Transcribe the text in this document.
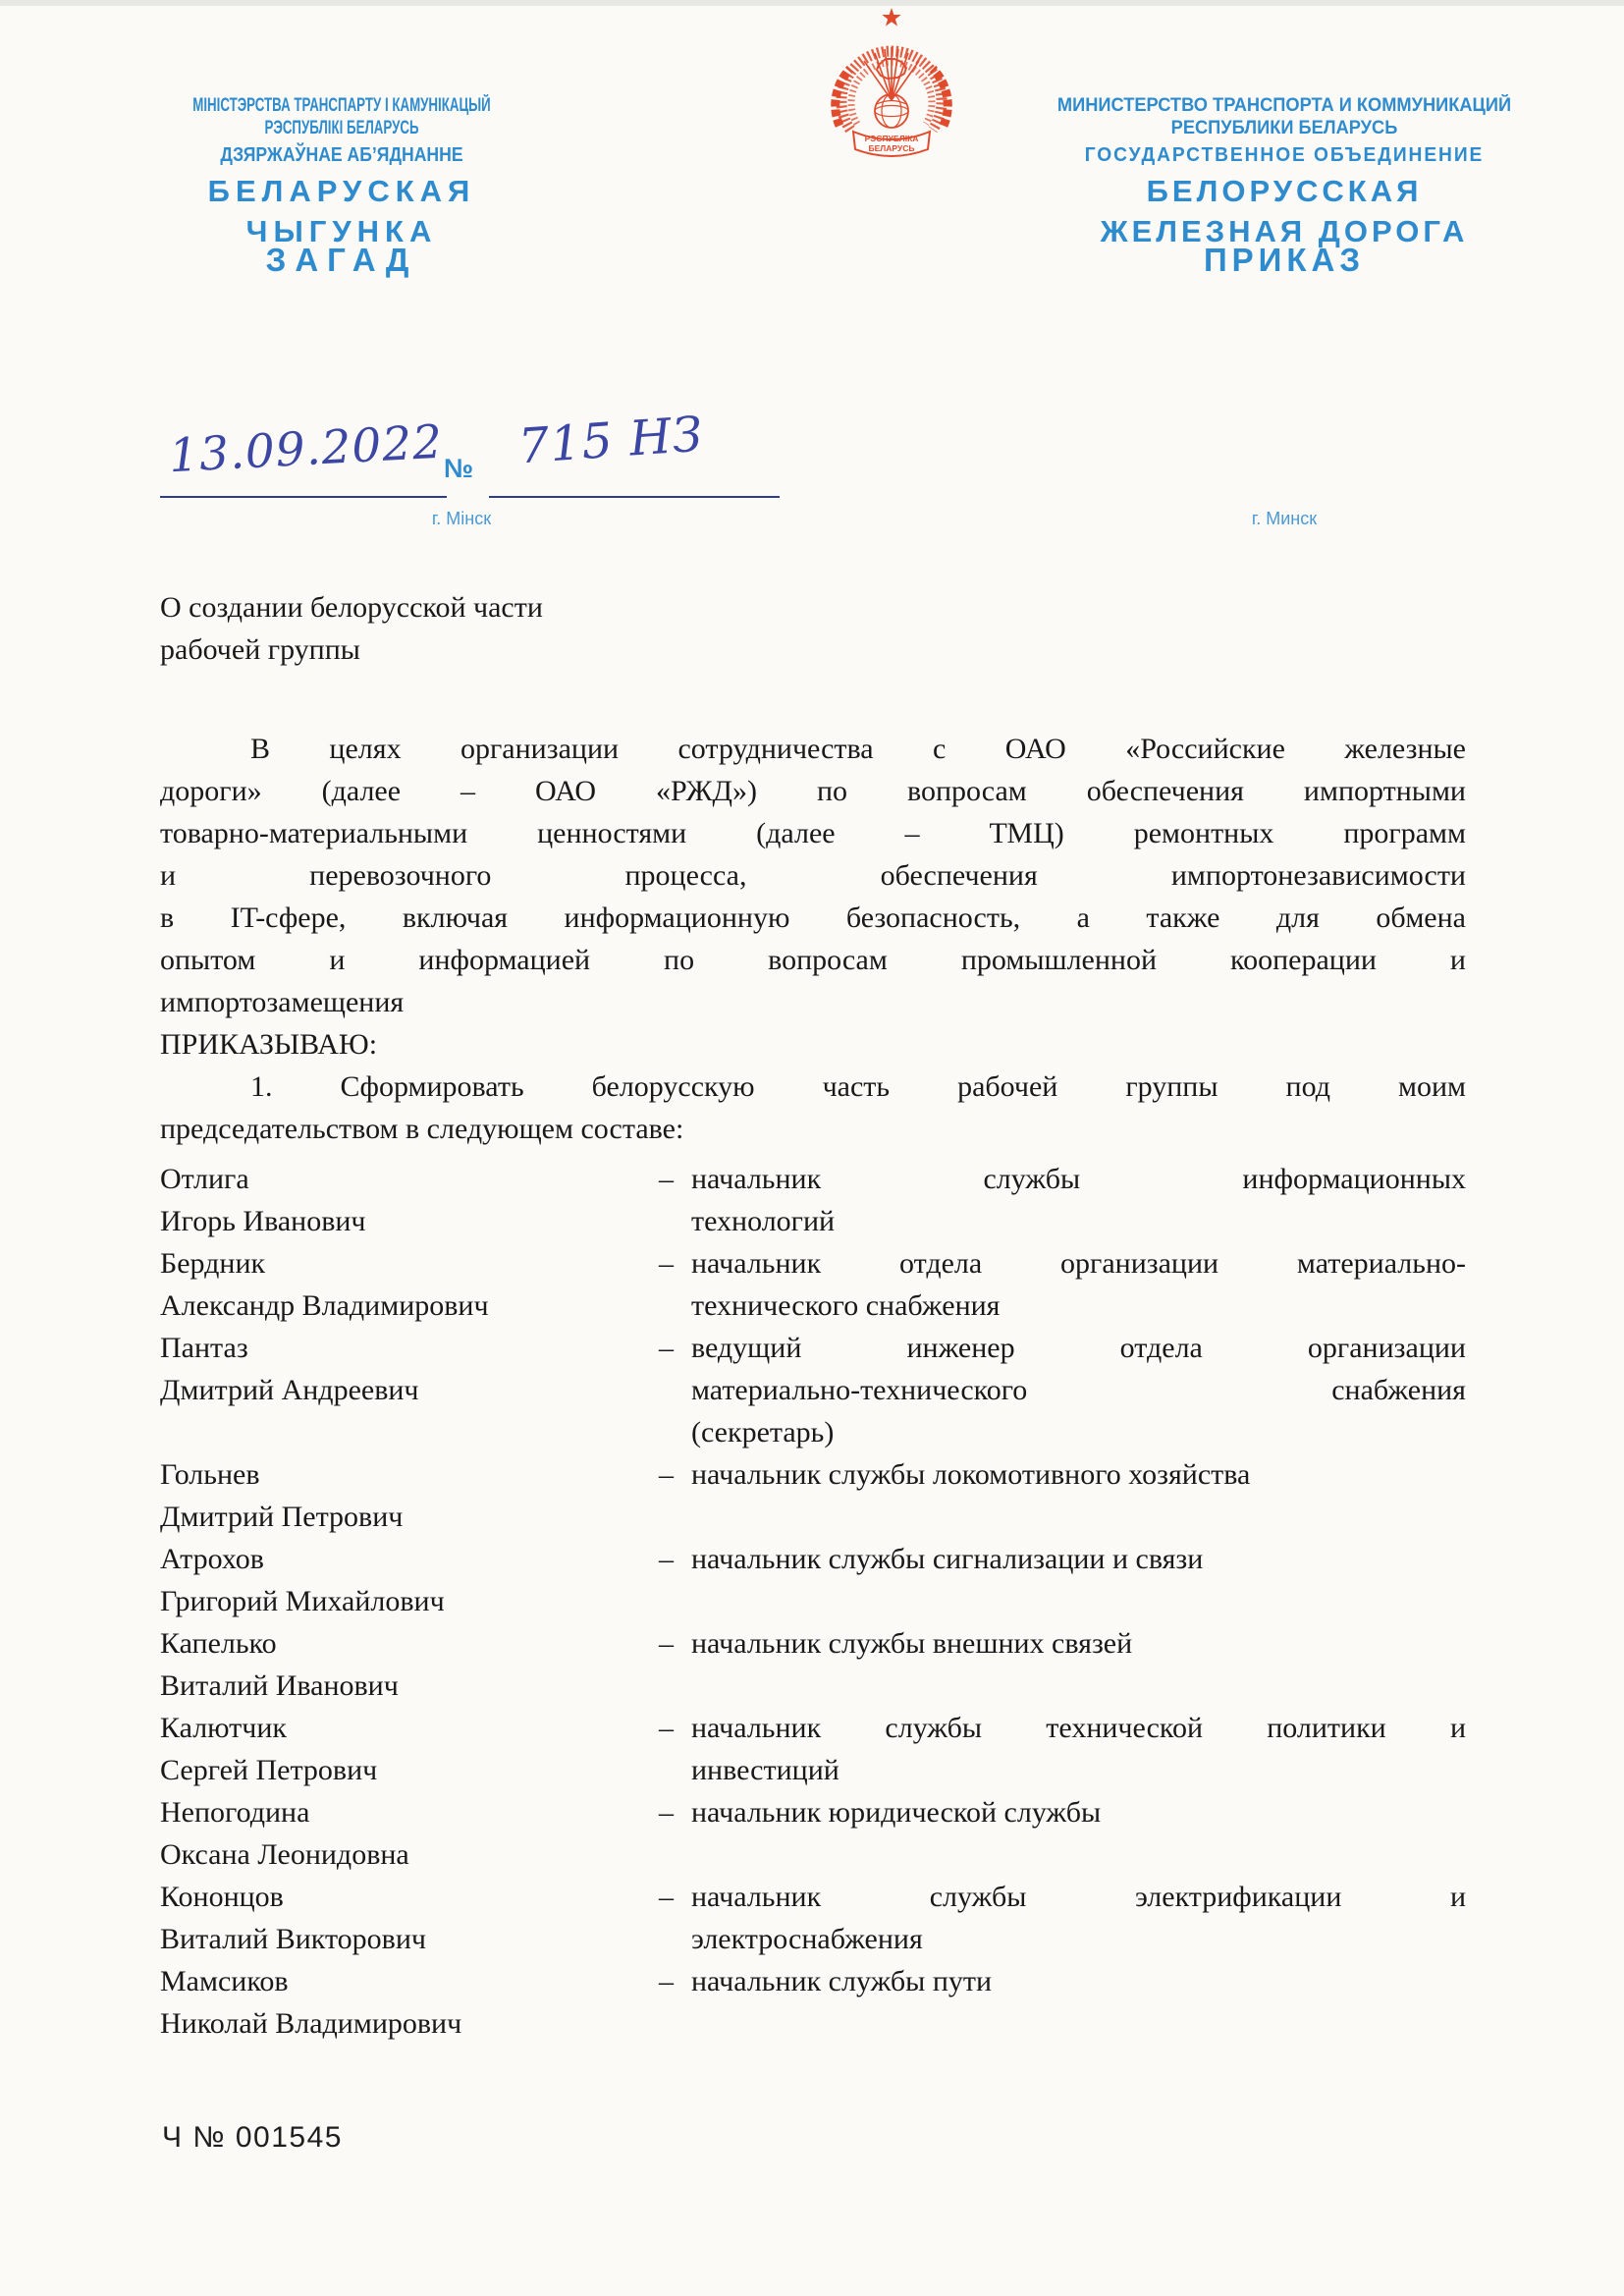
РЭСПУБЛІКА
БЕЛАРУСЬ
МІНІСТЭРСТВА ТРАНСПАРТУ І КАМУНІКАЦЫЙ
РЭСПУБЛІКІ БЕЛАРУСЬ
ДЗЯРЖАЎНАЕ АБ’ЯДНАННЕ
БЕЛАРУСКАЯ
ЧЫГУНКА
МИНИСТЕРСТВО ТРАНСПОРТА И КОММУНИКАЦИЙ
РЕСПУБЛИКИ БЕЛАРУСЬ
ГОСУДАРСТВЕННОЕ ОБЪЕДИНЕНИЕ
БЕЛОРУССКАЯ
ЖЕЛЕЗНАЯ ДОРОГА
ЗАГАД	ПРИКАЗ
13.09.2022 № 715 НЗ
г. Мінск	г. Минск
О создании белорусской части
рабочей группы
В целях организации сотрудничества с ОАО «Российские железные
дороги» (далее – ОАО «РЖД») по вопросам обеспечения импортными
товарно-материальными ценностями (далее – ТМЦ) ремонтных программ
и перевозочного процесса, обеспечения импортонезависимости
в IT-сфере, включая информационную безопасность, а также для обмена
опытом и информацией по вопросам промышленной кооперации и
импортозамещения
ПРИКАЗЫВАЮ:
1. Сформировать белорусскую часть рабочей группы под моим
председательством в следующем составе:
Отлига
Игорь Иванович
– начальник службы информационных
технологий
Бердник
Александр Владимирович
– начальник отдела организации материально-
технического снабжения
Пантаз
Дмитрий Андреевич
– ведущий инженер отдела организации
материально-технического снабжения
(секретарь)
Гольнев
Дмитрий Петрович
– начальник службы локомотивного хозяйства
Атрохов
Григорий Михайлович
– начальник службы сигнализации и связи
Капелько
Виталий Иванович
– начальник службы внешних связей
Калютчик
Сергей Петрович
– начальник службы технической политики и
инвестиций
Непогодина
Оксана Леонидовна
– начальник юридической службы
Кононцов
Виталий Викторович
– начальник службы электрификации и
электроснабжения
Мамсиков
Николай Владимирович
– начальник службы пути
Ч № 001545
